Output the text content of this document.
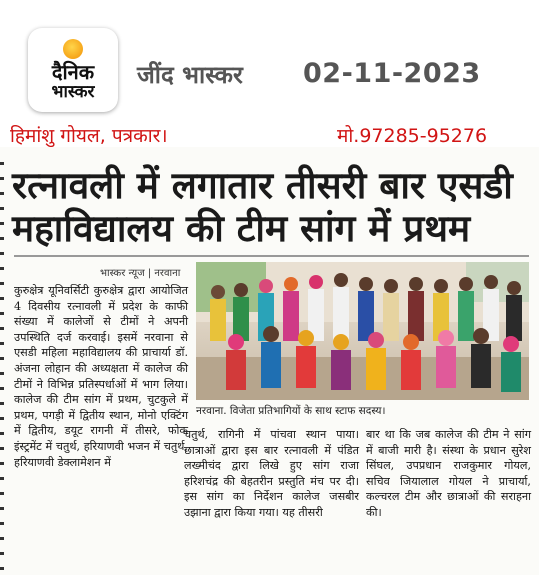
दैनिक
भास्कर
जींद भास्कर 02-11-2023
हिमांशु गोयल, पत्रकार।	मो.97285-95276
रत्नावली में लगातार तीसरी बार एसडी
महाविद्यालय की टीम सांग में प्रथम
भास्कर न्यूज | नरवाना
कुरुक्षेत्र यूनिवर्सिटी कुरुक्षेत्र द्वारा आयोजित 4 दिवसीय रत्नावली में प्रदेश के काफी संख्या में कालेजों से टीमों ने अपनी उपस्थिति दर्ज करवाई। इसमें नरवाना से एसडी महिला महाविद्यालय की प्राचार्या डॉ. अंजना लोहान की अध्यक्षता में कालेज की टीमों ने विभिन्न प्रतिस्पर्धाओं में भाग लिया। कालेज की टीम सांग में प्रथम, चुटकुले में प्रथम, पगड़ी में द्वितीय स्थान, मोनो एक्टिंग में द्वितीय, डयूट रागनी में तीसरे, फोक इंस्ट्रमेंट में चतुर्थ, हरियाणवी भजन में चतुर्थ, हरियाणवी डेक्लामेशन में
नरवाना. विजेता प्रतिभागियों के साथ स्टाफ सदस्य।
चतुर्थ, रागिनी में पांचवा स्थान पाया। छात्राओं द्वारा इस बार रत्नावली में पंडित लख्मीचंद द्वारा लिखे हुए सांग राजा हरिशचंद्र की बेहतरीन प्रस्तुति मंच पर दी। इस सांग का निर्देशन कालेज जसबीर उझाना द्वारा किया गया। यह तीसरी
बार था कि जब कालेज की टीम ने सांग में बाजी मारी है। संस्था के प्रधान सुरेश सिंघल, उपप्रधान राजकुमार गोयल, सचिव जियालाल गोयल ने प्राचार्या, कल्चरल टीम और छात्राओं की सराहना की।
